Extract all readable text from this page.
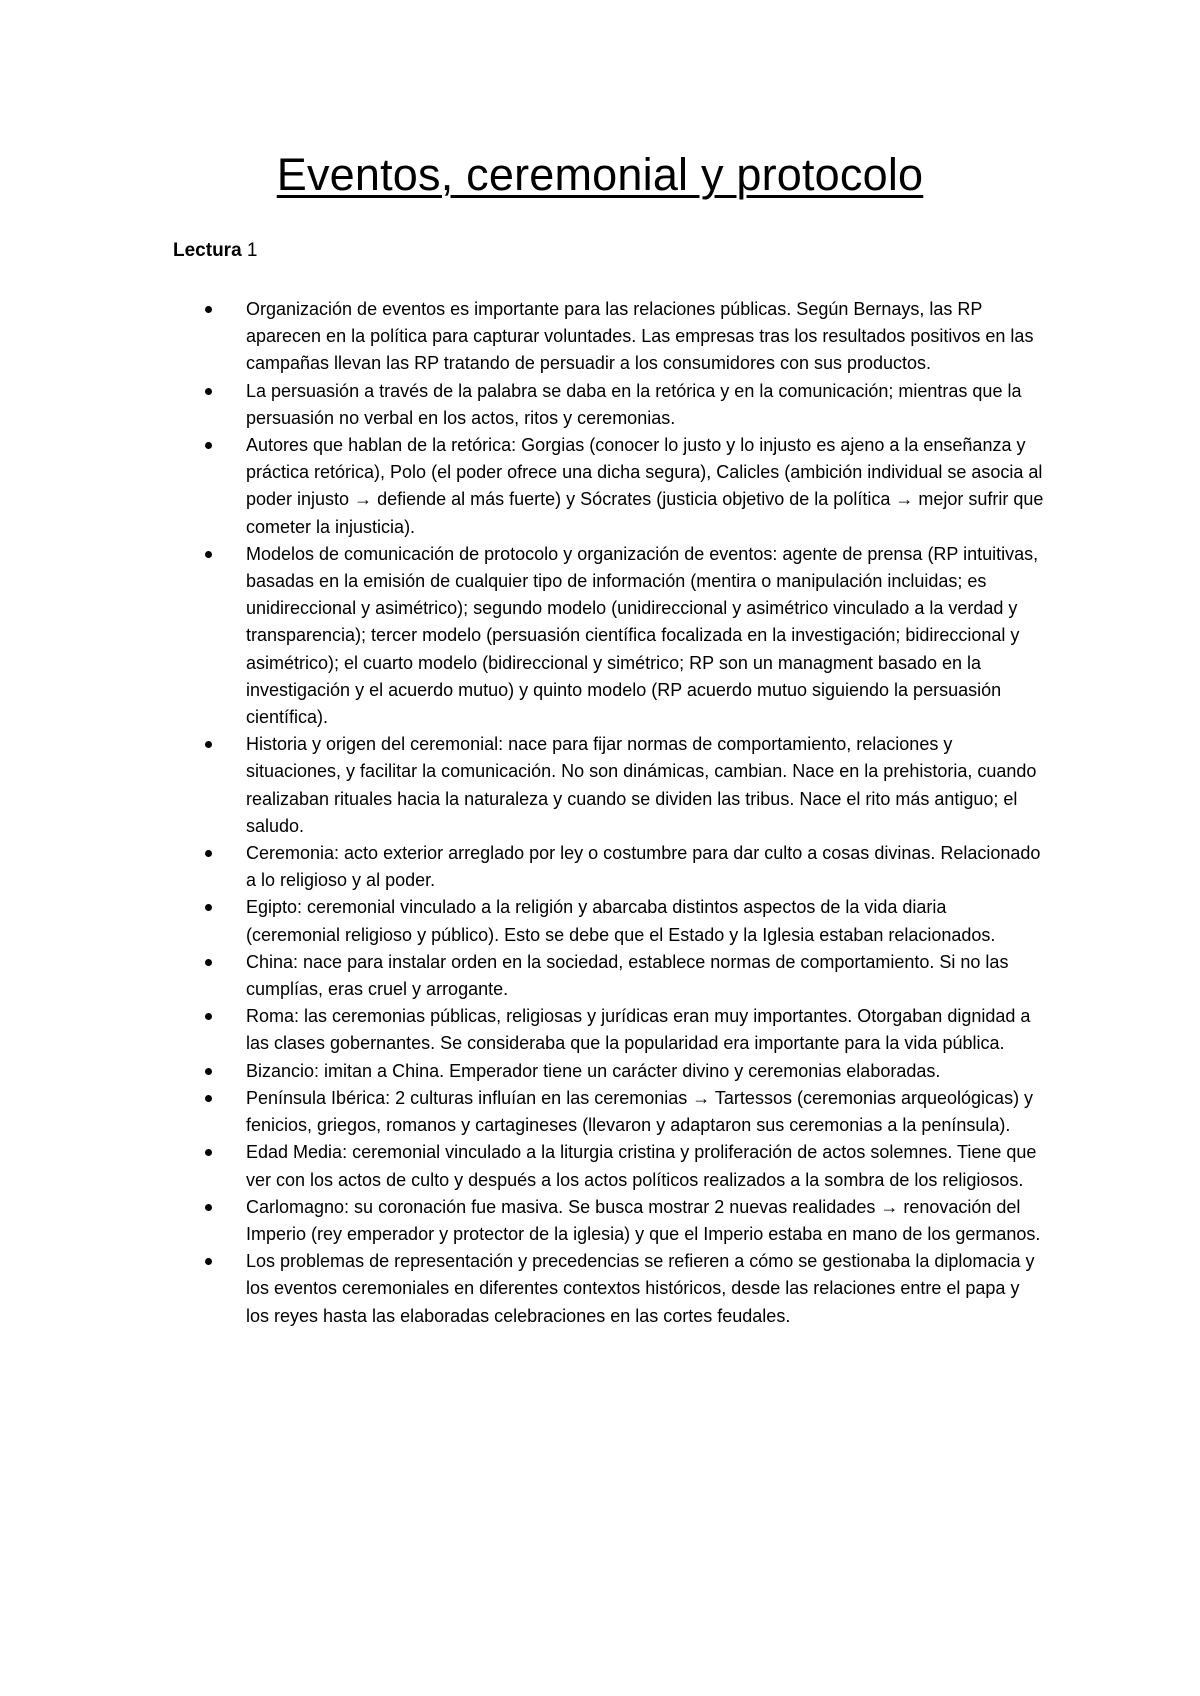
Eventos, ceremonial y protocolo

Lectura 1

Organización de eventos es importante para las relaciones públicas. Según Bernays, las RP aparecen en la política para capturar voluntades. Las empresas tras los resultados positivos en las campañas llevan las RP tratando de persuadir a los consumidores con sus productos.
La persuasión a través de la palabra se daba en la retórica y en la comunicación; mientras que la persuasión no verbal en los actos, ritos y ceremonias.
Autores que hablan de la retórica: Gorgias (conocer lo justo y lo injusto es ajeno a la enseñanza y práctica retórica), Polo (el poder ofrece una dicha segura), Calicles (ambición individual se asocia al poder injusto → defiende al más fuerte) y Sócrates (justicia objetivo de la política → mejor sufrir que cometer la injusticia).
Modelos de comunicación de protocolo y organización de eventos: agente de prensa (RP intuitivas, basadas en la emisión de cualquier tipo de información (mentira o manipulación incluidas; es unidireccional y asimétrico); segundo modelo (unidireccional y asimétrico vinculado a la verdad y transparencia); tercer modelo (persuasión científica focalizada en la investigación; bidireccional y asimétrico); el cuarto modelo (bidireccional y simétrico; RP son un managment basado en la investigación y el acuerdo mutuo) y quinto modelo (RP acuerdo mutuo siguiendo la persuasión científica).
Historia y origen del ceremonial: nace para fijar normas de comportamiento, relaciones y situaciones, y facilitar la comunicación. No son dinámicas, cambian. Nace en la prehistoria, cuando realizaban rituales hacia la naturaleza y cuando se dividen las tribus. Nace el rito más antiguo; el saludo.
Ceremonia: acto exterior arreglado por ley o costumbre para dar culto a cosas divinas. Relacionado a lo religioso y al poder.
Egipto: ceremonial vinculado a la religión y abarcaba distintos aspectos de la vida diaria (ceremonial religioso y público). Esto se debe que el Estado y la Iglesia estaban relacionados.
China: nace para instalar orden en la sociedad, establece normas de comportamiento. Si no las cumplías, eras cruel y arrogante.
Roma: las ceremonias públicas, religiosas y jurídicas eran muy importantes. Otorgaban dignidad a las clases gobernantes. Se consideraba que la popularidad era importante para la vida pública.
Bizancio: imitan a China. Emperador tiene un carácter divino y ceremonias elaboradas.
Península Ibérica: 2 culturas influían en las ceremonias → Tartessos (ceremonias arqueológicas) y fenicios, griegos, romanos y cartagineses (llevaron y adaptaron sus ceremonias a la península).
Edad Media: ceremonial vinculado a la liturgia cristina y proliferación de actos solemnes. Tiene que ver con los actos de culto y después a los actos políticos realizados a la sombra de los religiosos.
Carlomagno: su coronación fue masiva. Se busca mostrar 2 nuevas realidades → renovación del Imperio (rey emperador y protector de la iglesia) y que el Imperio estaba en mano de los germanos.
Los problemas de representación y precedencias se refieren a cómo se gestionaba la diplomacia y los eventos ceremoniales en diferentes contextos históricos, desde las relaciones entre el papa y los reyes hasta las elaboradas celebraciones en las cortes feudales.
